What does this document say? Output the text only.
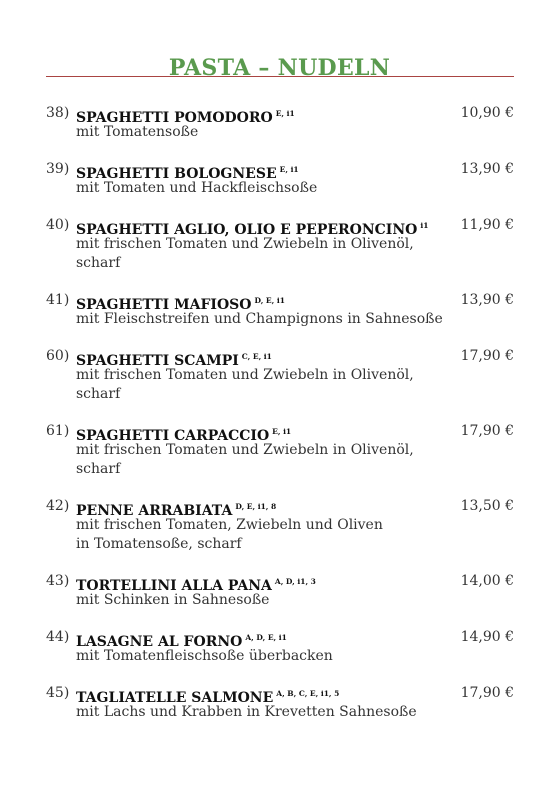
PASTA – NUDELN
38) SPAGHETTI POMODORO $^{E, i1}$	10,90 €
mit Tomatensoße
39) SPAGHETTI BOLOGNESE $^{E, i1}$	13,90 €
mit Tomaten und Hackfleischsoße
40) SPAGHETTI AGLIO, OLIO E PEPERONCINO $^{i1}$	11,90 €
mit frischen Tomaten und Zwiebeln in Olivenöl,
scharf
41) SPAGHETTI MAFIOSO $^{D, E, i1}$	13,90 €
mit Fleischstreifen und Champignons in Sahnesoße
60) SPAGHETTI SCAMPI $^{C, E, i1}$	17,90 €
mit frischen Tomaten und Zwiebeln in Olivenöl,
scharf
61) SPAGHETTI CARPACCIO $^{E, i1}$	17,90 €
mit frischen Tomaten und Zwiebeln in Olivenöl,
scharf
42) PENNE ARRABIATA $^{D, E, i1, 8}$	13,50 €
mit frischen Tomaten, Zwiebeln und Oliven
in Tomatensoße, scharf
43) TORTELLINI ALLA PANA $^{A, D, i1, 3}$	14,00 €
mit Schinken in Sahnesoße
44) LASAGNE AL FORNO $^{A, D, E, i1}$	14,90 €
mit Tomatenfleischsoße überbacken
45) TAGLIATELLE SALMONE $^{A, B, C, E, i1, 5}$	17,90 €
mit Lachs und Krabben in Krevetten Sahnesoße
